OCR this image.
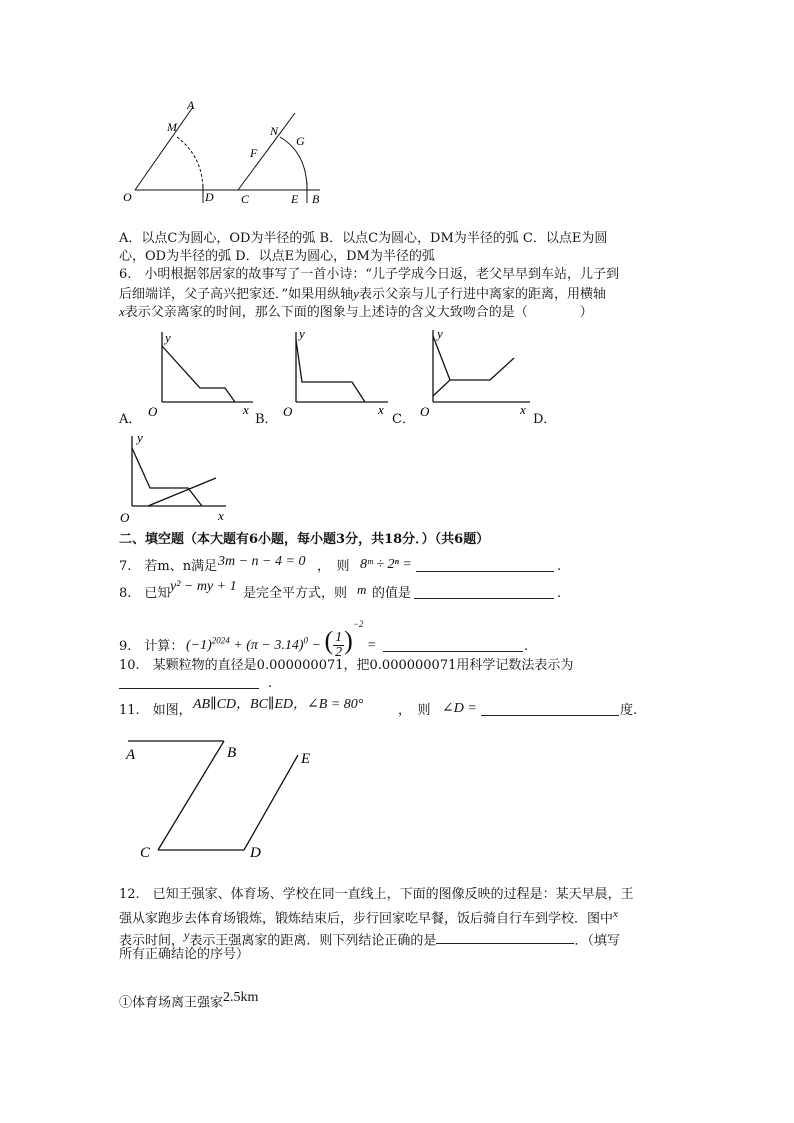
A
M
O	D C	E B
N
G
F
A．以点C为圆心，OD为半径的弧 B．以点C为圆心，DM为半径的弧 C．以点E为圆
心，OD为半径的弧 D．以点E为圆心，DM为半径的弧
6.　小明根据邻居家的故事写了一首小诗：“儿子学成今日返，老父早早到车站，儿子到
后细端详，父子高兴把家还．”如果用纵轴y表示父亲与儿子行进中离家的距离，用横轴
x表示父亲离家的时间，那么下面的图象与上述诗的含义大致吻合的是（　　　　）
y
x
O
A．
y
x
O
B．
y
x
O
C．	D．
y
x
O
二、填空题（本大题有6小题，每小题3分，共18分．）（共6题）
7.　若m、n满足 3m − n − 4 = 0 ，　则 8ᵐ ÷ 2ⁿ =	.
8.　已知 y² − my + 1 是完全平方式，则 m 的值是	.
$(-1)^{2024} + (\pi - 3.14)^0$ − ( $\frac{1}{2} )^{-2}$ =
9.　计算：	.
10.　某颗粒物的直径是0.000000071，把0.000000071用科学记数法表示为
.
11.　如图， AB∥CD，BC∥ED，∠B = 80°	，　则 ∠D =	度.
A	B
C	D
E
12.　已知王强家、体育场、学校在同一直线上，下面的图像反映的过程是：某天早晨，王
强从家跑步去体育场锻炼，锻炼结束后，步行回家吃早餐，饭后骑自行车到学校．图中$^x$
表示时间，$^y$表示王强离家的距离．则下列结论正确的是	．（填写
所有正确结论的序号）
①体育场离王强家$^{2.5km}$
